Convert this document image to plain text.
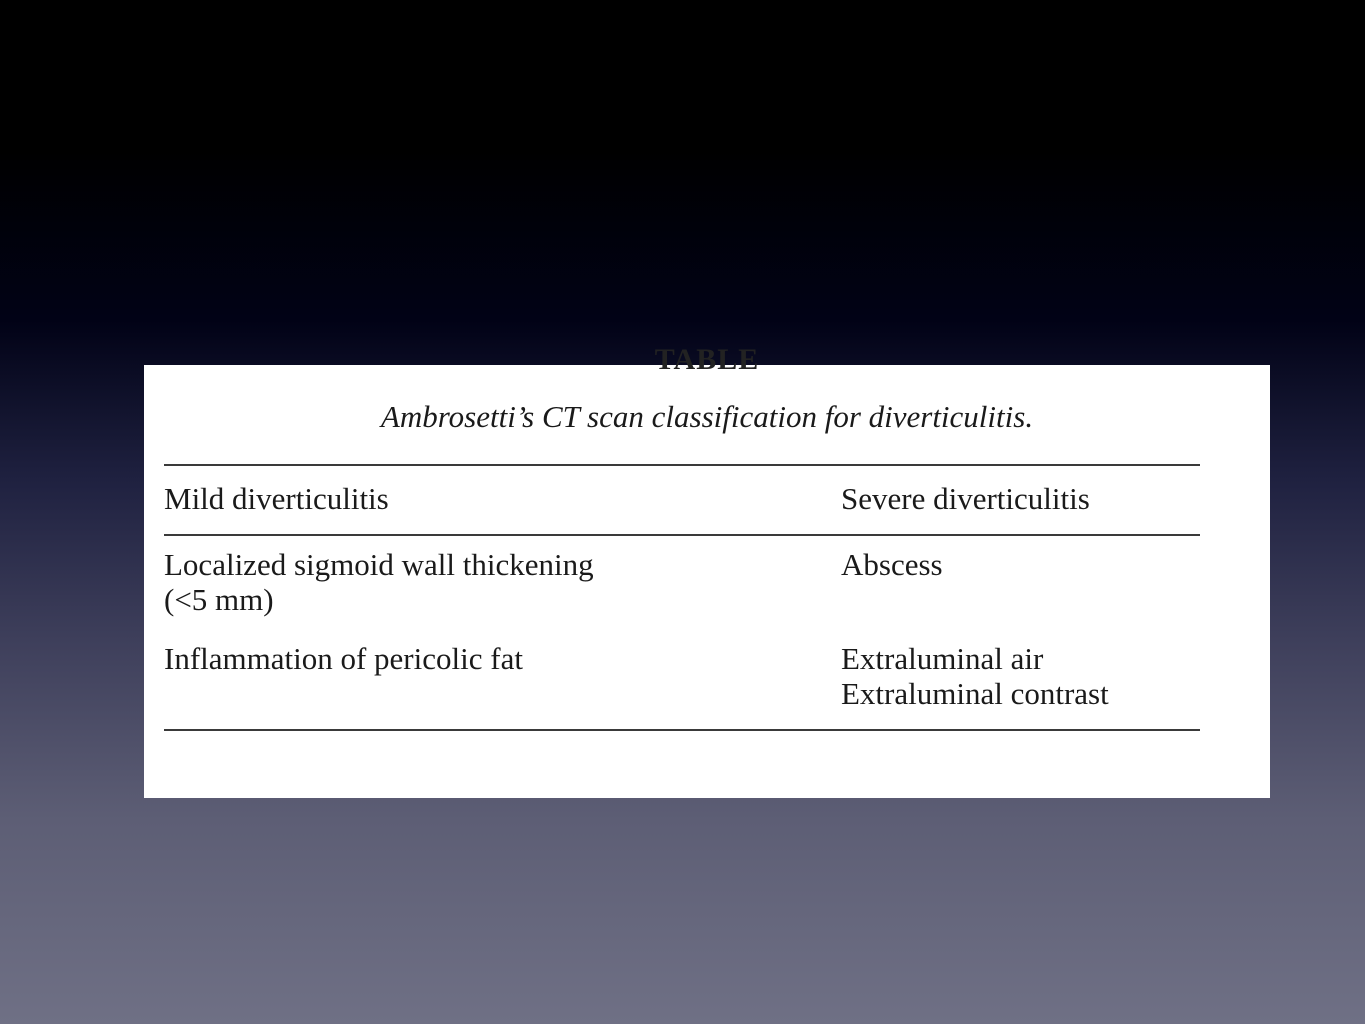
TABLE
Ambrosetti’s CT scan classification for diverticulitis.
Mild diverticulitis	Severe diverticulitis
Localized sigmoid wall thickening
(<5 mm)
Abscess
Inflammation of pericolic fat	Extraluminal air
Extraluminal contrast
